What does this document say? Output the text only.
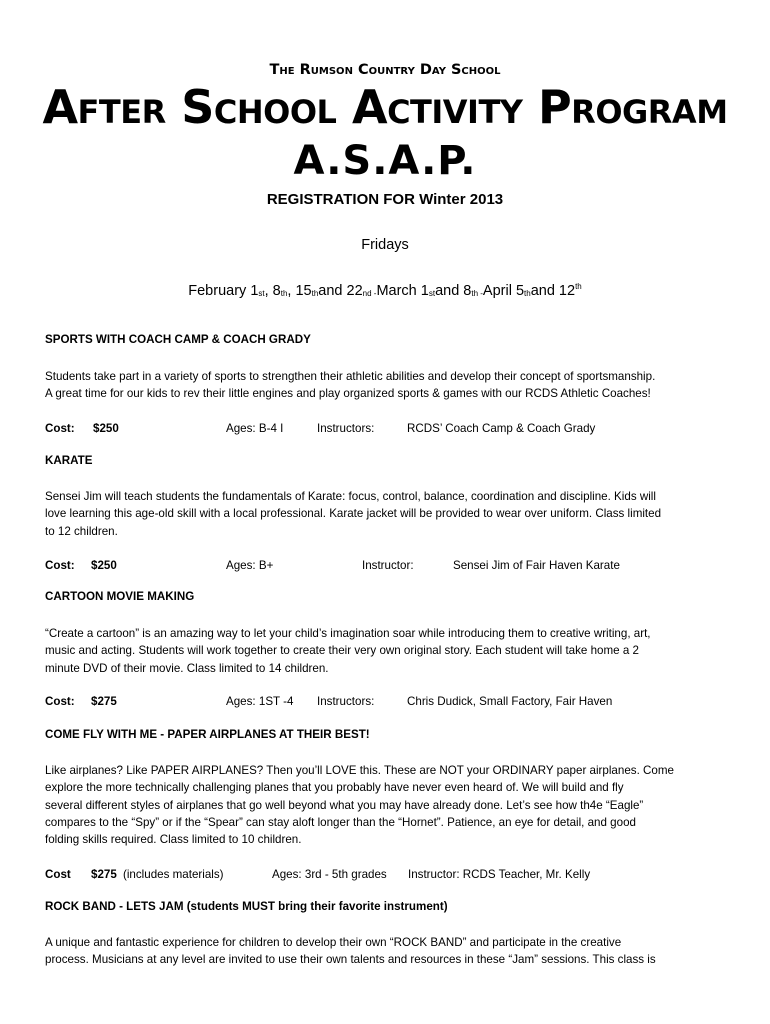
The Rumson Country Day School
After School Activity Program
A.S.A.P.
REGISTRATION FOR Winter 2013
Fridays
February 1st, 8th, 15thand $22^{nd -}March$ 1stand $8^{th -}April$ 5thand 12th
SPORTS WITH COACH CAMP & COACH GRADY
Students take part in a variety of sports to strengthen their athletic abilities and develop their concept of sportsmanship.
A great time for our kids to rev their little engines and play organized sports & games with our RCDS Athletic Coaches!
Cost: $250	Ages: B-4 I	Instructors:	RCDS’ Coach Camp & Coach Grady
KARATE
Sensei Jim will teach students the fundamentals of Karate: focus, control, balance, coordination and discipline. Kids will
love learning this age-old skill with a local professional. Karate jacket will be provided to wear over uniform. Class limited
to 12 children.
Cost: $250	Ages: B+	Instructor:	Sensei Jim of Fair Haven Karate
CARTOON MOVIE MAKING
“Create a cartoon” is an amazing way to let your child’s imagination soar while introducing them to creative writing, art,
music and acting. Students will work together to create their very own original story. Each student will take home a 2
minute DVD of their movie. Class limited to 14 children.
Cost: $275	Ages: 1ST -4 Instructors:	Chris Dudick, Small Factory, Fair Haven
COME FLY WITH ME - PAPER AIRPLANES AT THEIR BEST!
Like airplanes? Like PAPER AIRPLANES? Then you’ll LOVE this. These are NOT your ORDINARY paper airplanes. Come
explore the more technically challenging planes that you probably have never even heard of. We will build and fly
several different styles of airplanes that go well beyond what you may have already done. Let’s see how th4e “Eagle”
compares to the “Spy” or if the “Spear” can stay aloft longer than the “Hornet”. Patience, an eye for detail, and good
folding skills required. Class limited to 10 children.
Cost $275 (includes materials)	Ages: 3rd - 5th grades Instructor: RCDS Teacher, Mr. Kelly
ROCK BAND - LETS JAM (students MUST bring their favorite instrument)
A unique and fantastic experience for children to develop their own “ROCK BAND” and participate in the creative
process. Musicians at any level are invited to use their own talents and resources in these “Jam” sessions. This class is
